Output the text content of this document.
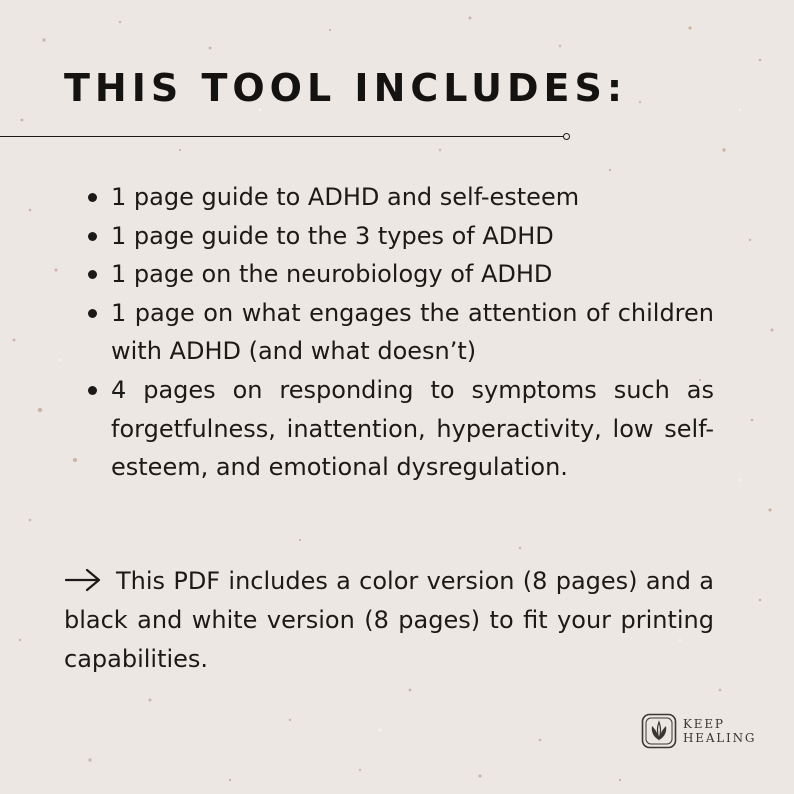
THIS TOOL INCLUDES:
1 page guide to ADHD and self-esteem
1 page guide to the 3 types of ADHD
1 page on the neurobiology of ADHD
1 page on what engages the attention of children with ADHD (and what doesn’t)
4 pages on responding to symptoms such as forgetfulness, inattention, hyperactivity, low self-esteem, and emotional dysregulation.

This PDF includes a color version (8 pages) and a black and white version (8 pages) to fit your printing capabilities.

KEEP
HEALING
